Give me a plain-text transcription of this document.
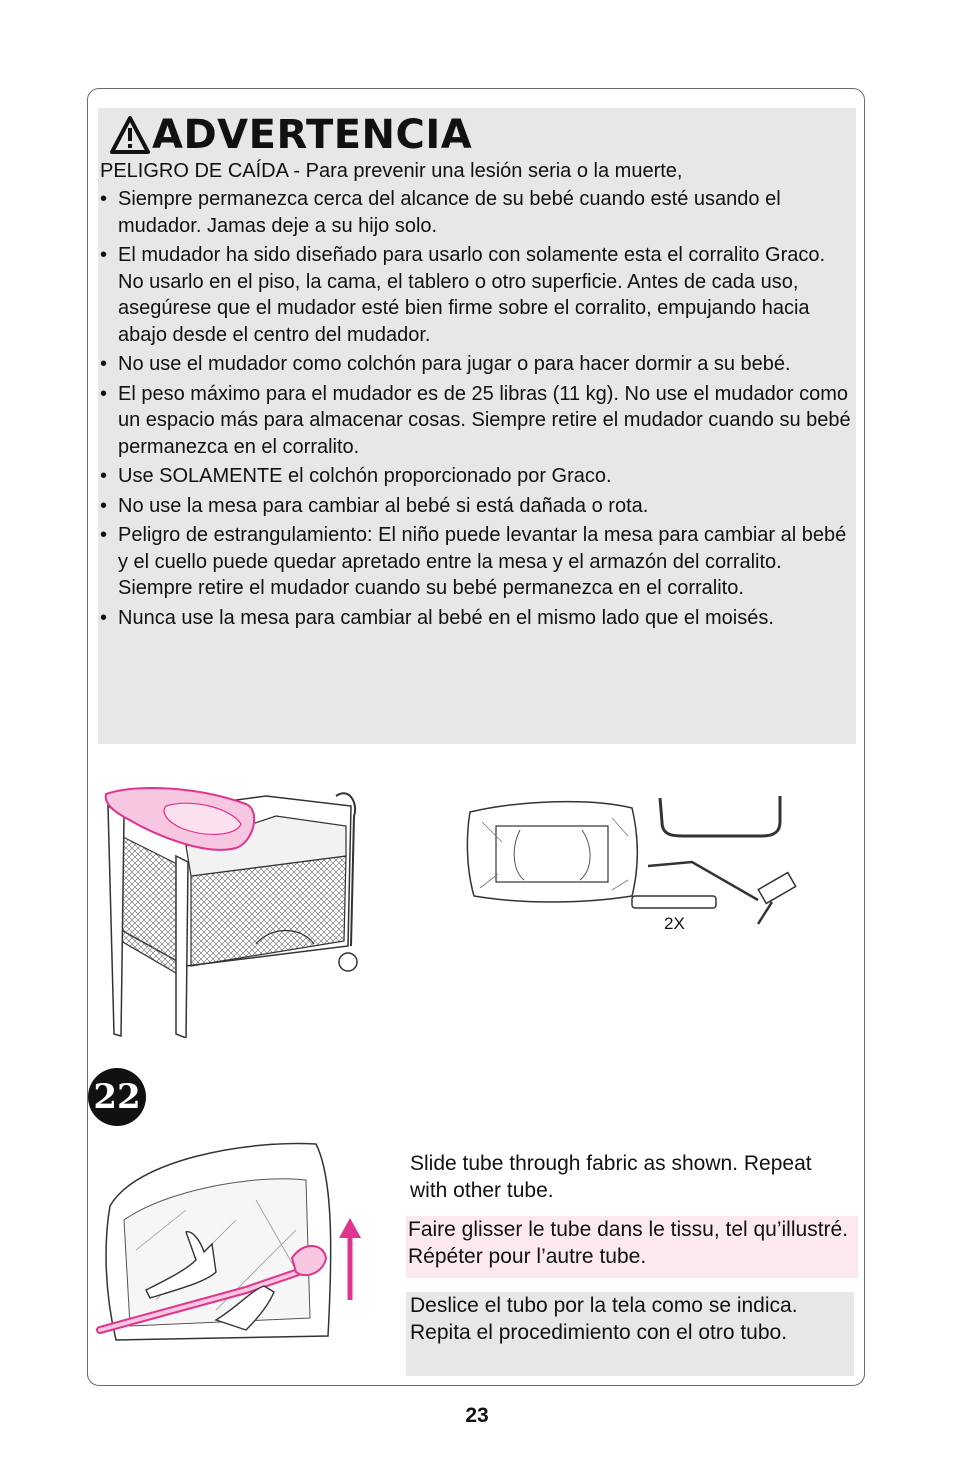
ADVERTENCIA
PELIGRO DE CAÍDA - Para prevenir una lesión seria o la muerte,
• Siempre permanezca cerca del alcance de su bebé cuando esté usando el mudador. Jamas deje a su hijo solo.
• El mudador ha sido diseñado para usarlo con solamente esta el corralito Graco. No usarlo en el piso, la cama, el tablero o otro superficie. Antes de cada uso, asegúrese que el mudador esté bien firme sobre el corralito, empujando hacia abajo desde el centro del mudador.
• No use el mudador como colchón para jugar o para hacer dormir a su bebé.
• El peso máximo para el mudador es de 25 libras (11 kg). No use el mudador como un espacio más para almacenar cosas. Siempre retire el mudador cuando su bebé permanezca en el corralito.
• Use SOLAMENTE el colchón proporcionado por Graco.
• No use la mesa para cambiar al bebé si está dañada o rota.
• Peligro de estrangulamiento: El niño puede levantar la mesa para cambiar al bebé y el cuello puede quedar apretado entre la mesa y el armazón del corralito. Siempre retire el mudador cuando su bebé permanezca en el corralito.
• Nunca use la mesa para cambiar al bebé en el mismo lado que el moisés.
2X
22
Slide tube through fabric as shown. Repeat with other tube.
Faire glisser le tube dans le tissu, tel qu’illustré. Répéter pour l’autre tube.
Deslice el tubo por la tela como se indica. Repita el procedimiento con el otro tubo.
23
